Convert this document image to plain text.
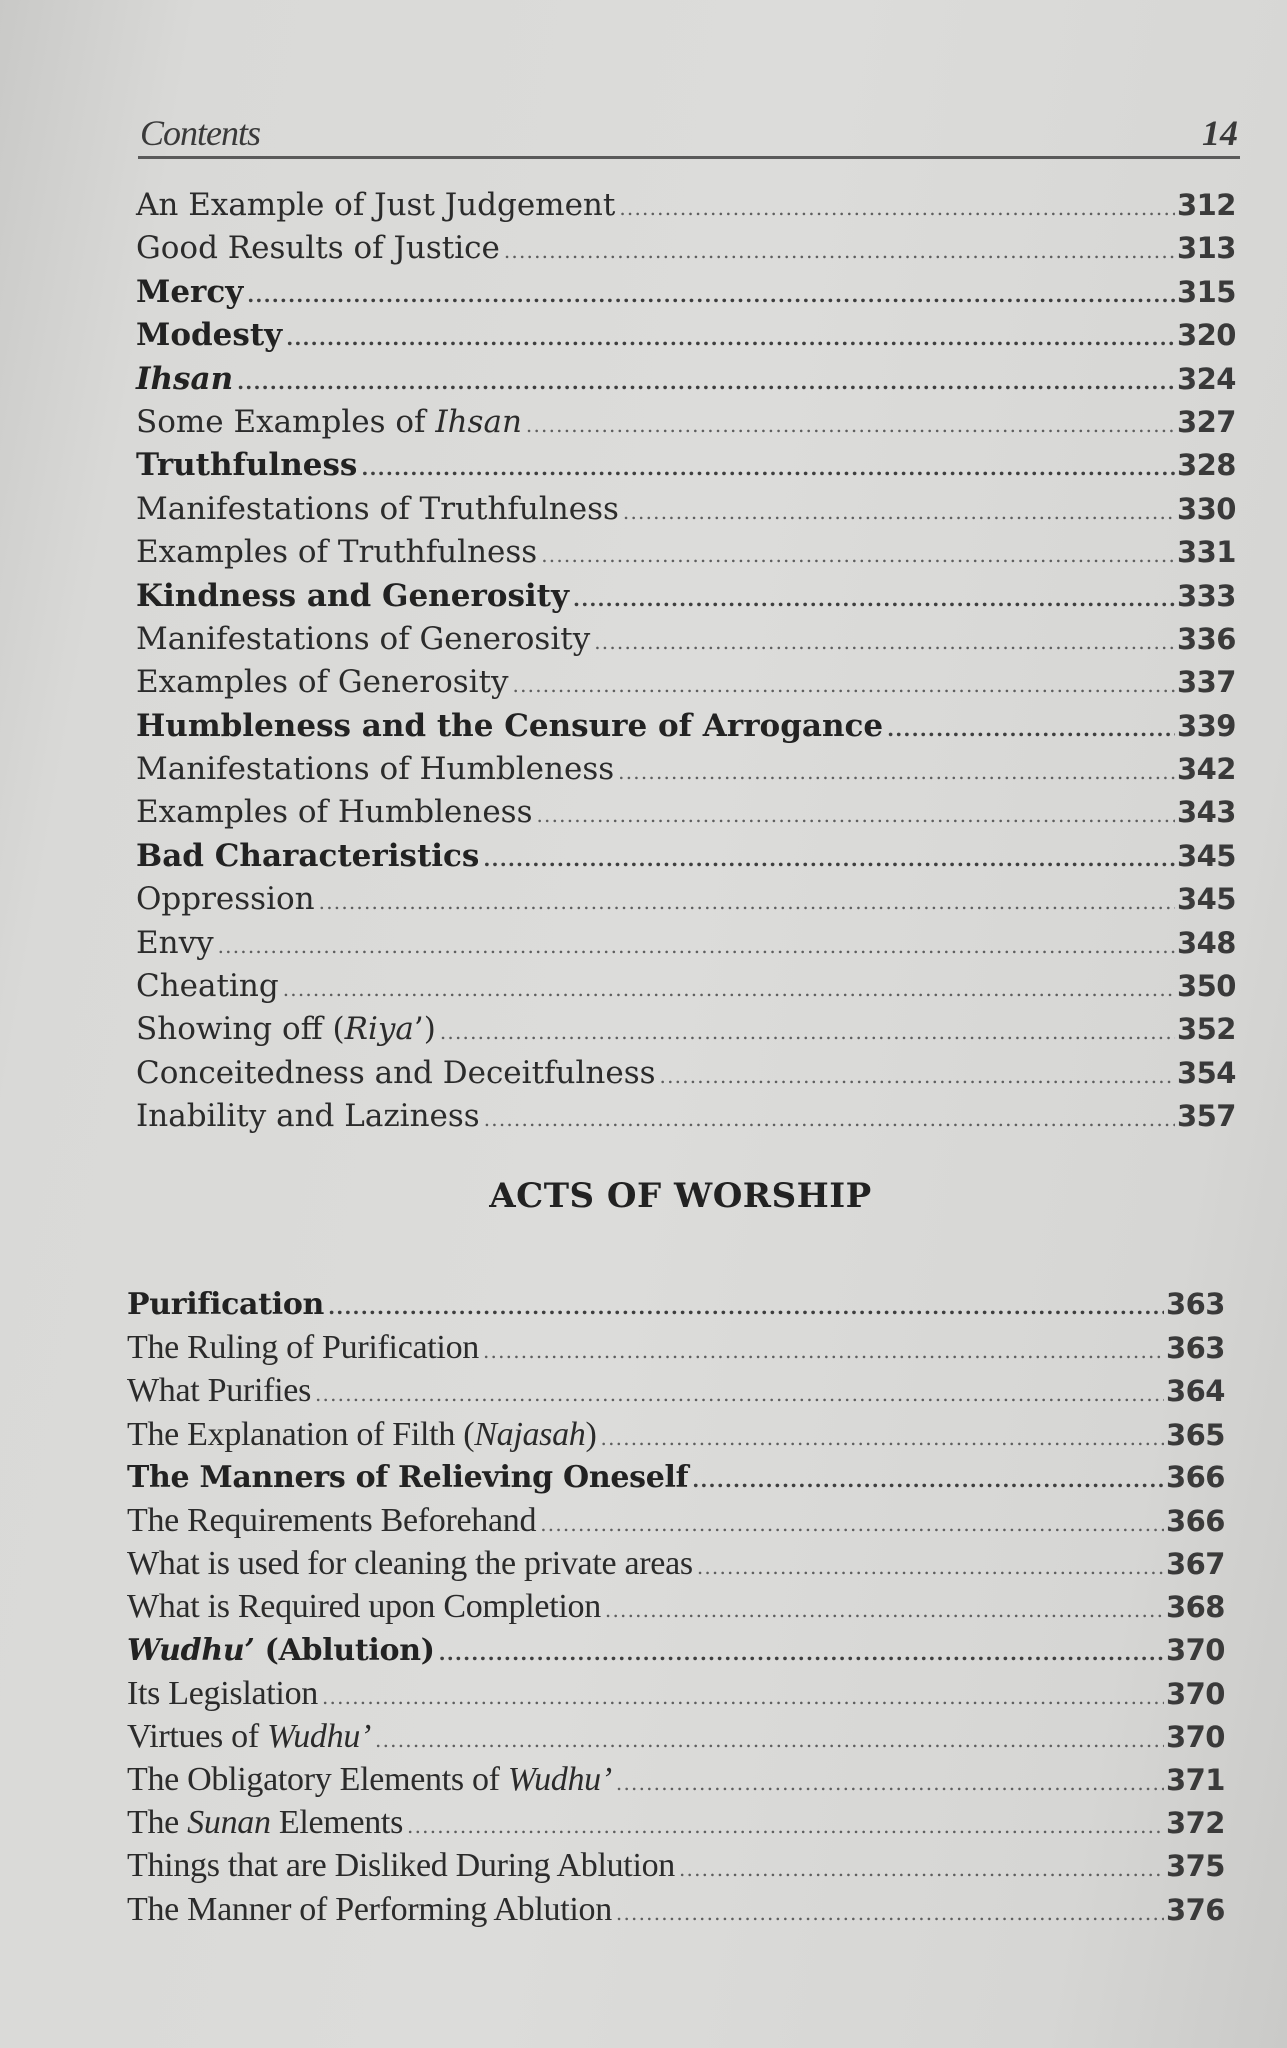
Contents	14
An Example of Just Judgement .....	312
Good Results of Justice .....	313
Mercy .....	315
Modesty .....	320
Ihsan .....	324
Some Examples of Ihsan .....	327
Truthfulness .....	328
Manifestations of Truthfulness .....	330
Examples of Truthfulness .....	331
Kindness and Generosity .....	333
Manifestations of Generosity .....	336
Examples of Generosity .....	337
Humbleness and the Censure of Arrogance .....	339
Manifestations of Humbleness .....	342
Examples of Humbleness .....	343
Bad Characteristics .....	345
Oppression .....	345
Envy .....	348
Cheating .....	350
Showing off (Riya’) .....	352
Conceitedness and Deceitfulness .....	354
Inability and Laziness .....	357
ACTS OF WORSHIP
Purification .....	363
The Ruling of Purification .....	363
What Purifies .....	364
The Explanation of Filth (Najasah) .....	365
The Manners of Relieving Oneself .....	366
The Requirements Beforehand .....	366
What is used for cleaning the private areas .....	367
What is Required upon Completion .....	368
Wudhu’ (Ablution) .....	370
Its Legislation .....	370
Virtues of Wudhu’ .....	370
The Obligatory Elements of Wudhu’ .....	371
The Sunan Elements .....	372
Things that are Disliked During Ablution .....	375
The Manner of Performing Ablution .....	376
